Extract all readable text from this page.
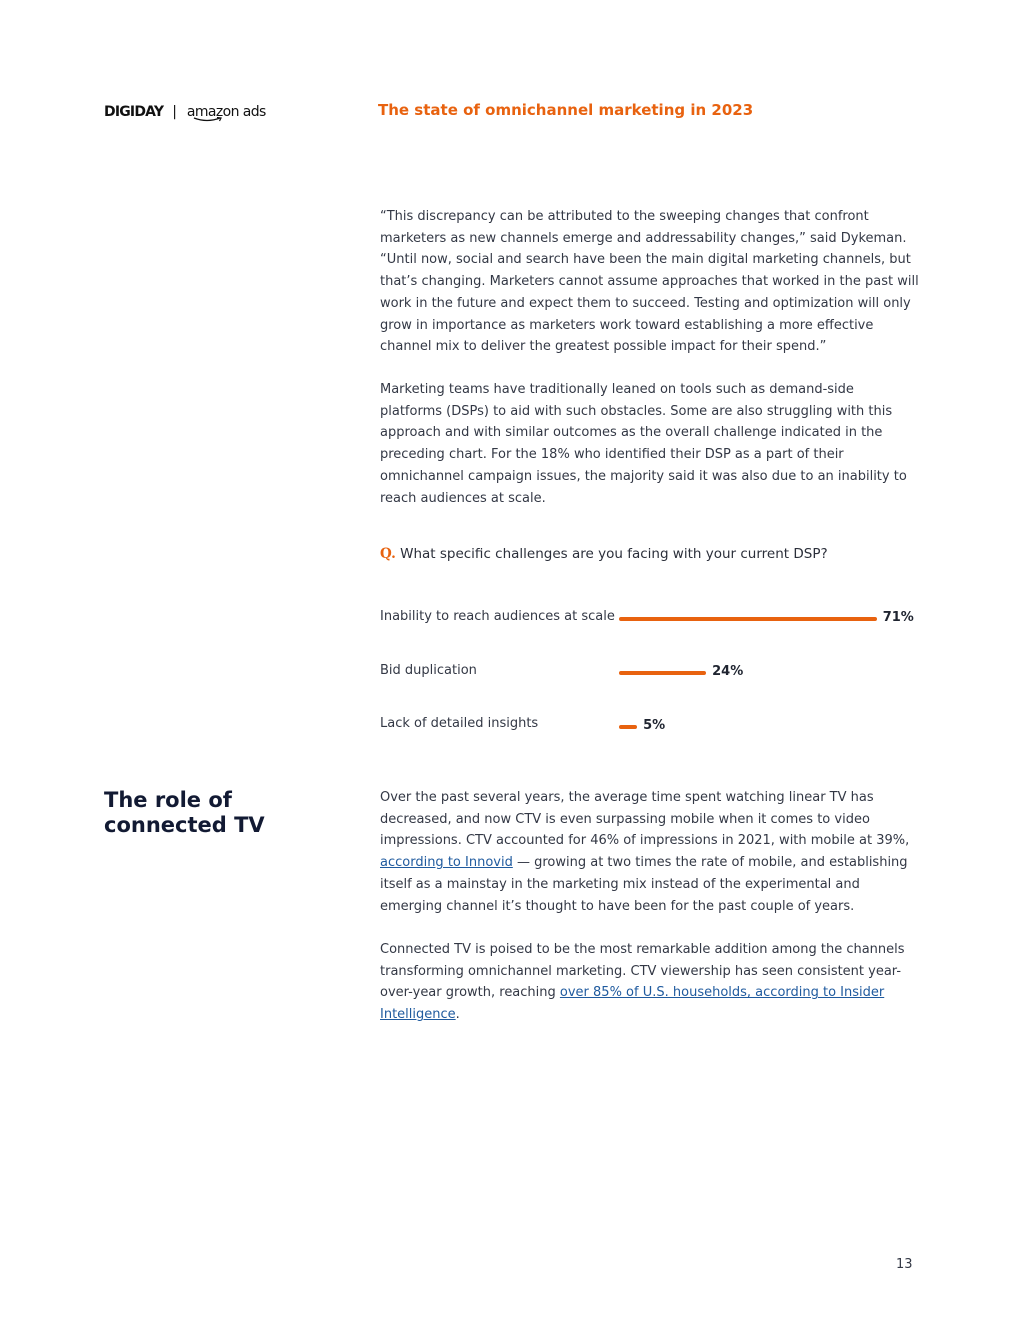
DIGIDAY | amazon ads	The state of omnichannel marketing in 2023

“This discrepancy can be attributed to the sweeping changes that confront marketers as new channels emerge and addressability changes,” said Dykeman. “Until now, social and search have been the main digital marketing channels, but that’s changing. Marketers cannot assume approaches that worked in the past will work in the future and expect them to succeed. Testing and optimization will only grow in importance as marketers work toward establishing a more effective channel mix to deliver the greatest possible impact for their spend.”

Marketing teams have traditionally leaned on tools such as demand-side platforms (DSPs) to aid with such obstacles. Some are also struggling with this approach and with similar outcomes as the overall challenge indicated in the preceding chart. For the 18% who identified their DSP as a part of their omnichannel campaign issues, the majority said it was also due to an inability to reach audiences at scale.

Q. What specific challenges are you facing with your current DSP?

Inability to reach audiences at scale	71%
Bid duplication	24%
Lack of detailed insights	5%
The role of connected TV

Over the past several years, the average time spent watching linear TV has decreased, and now CTV is even surpassing mobile when it comes to video impressions. CTV accounted for 46% of impressions in 2021, with mobile at 39%, according to Innovid — growing at two times the rate of mobile, and establishing itself as a mainstay in the marketing mix instead of the experimental and emerging channel it’s thought to have been for the past couple of years.

Connected TV is poised to be the most remarkable addition among the channels transforming omnichannel marketing. CTV viewership has seen consistent year-over-year growth, reaching over 85% of U.S. households, according to Insider Intelligence.

13
